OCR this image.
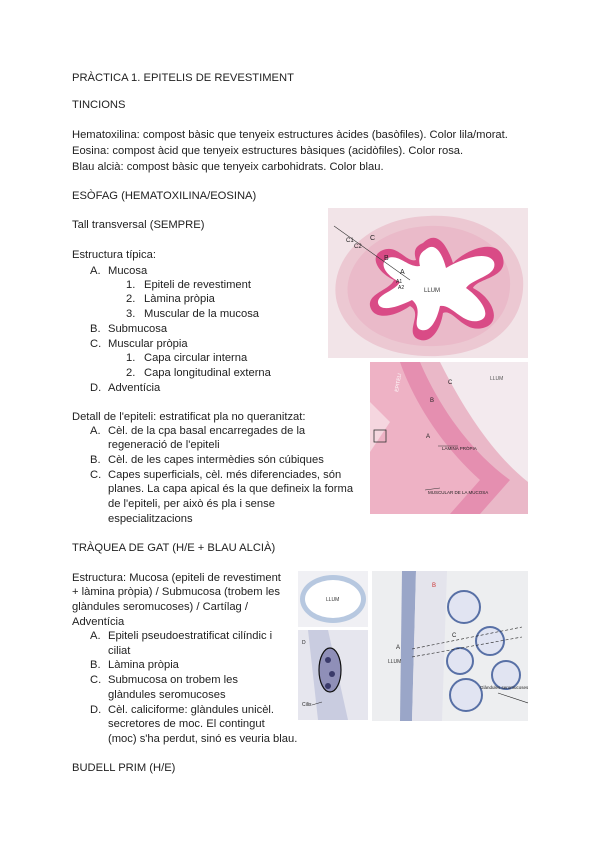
PRÀCTICA 1. EPITELIS DE REVESTIMENT
TINCIONS
Hematoxilina: compost bàsic que tenyeix estructures àcides (basòfiles). Color lila/morat.
Eosina: compost àcid que tenyeix estructures bàsiques (acidòfiles). Color rosa.
Blau alcià: compost bàsic que tenyeix carbohidrats. Color blau.
ESÒFAG (HEMATOXILINA/EOSINA)
Tall transversal (SEMPRE)
Estructura típica:
A. Mucosa
1. Epiteli de revestiment
2. Làmina pròpia
3. Muscular de la mucosa
B. Submucosa
C. Muscular pròpia
1. Capa circular interna
2. Capa longitudinal externa
D. Adventícia
Detall de l'epiteli: estratificat pla no queranitzat:
A. Cèl. de la cpa basal encarregades de la
regeneració de l'epiteli
B. Cèl. de les capes intermèdies són cúbiques
C. Capes superficials, cèl. més diferenciades, són
planes. La capa apical és la que defineix la forma
de l'epiteli, per això és pla i sense
especialitzacions
TRÀQUEA DE GAT (H/E + BLAU ALCIÀ)
Estructura: Mucosa (epiteli de revestiment
+ làmina pròpia) / Submucosa (trobem les
glàndules seromucoses) / Cartílag /
Adventícia
A. Epiteli pseudoestratificat cilíndic i
ciliat
B. Làmina pròpia
C. Submucosa on trobem les
glàndules seromucoses
D. Cèl. caliciforme: glàndules unicèl.
secretores de moc. El contingut
(moc) s'ha perdut, sinó es veuria blau.
BUDELL PRIM (H/E)
LLUM
C1
C2
C
B
A
A1
A2
LLUM
EPITELI	C
B
A
LÀMINA PRÒPIA
MUSCULAR DE LA MUCOSA
LLUM
D
Cilis
LLUM
B
C
A
Glàndules seromucoses
